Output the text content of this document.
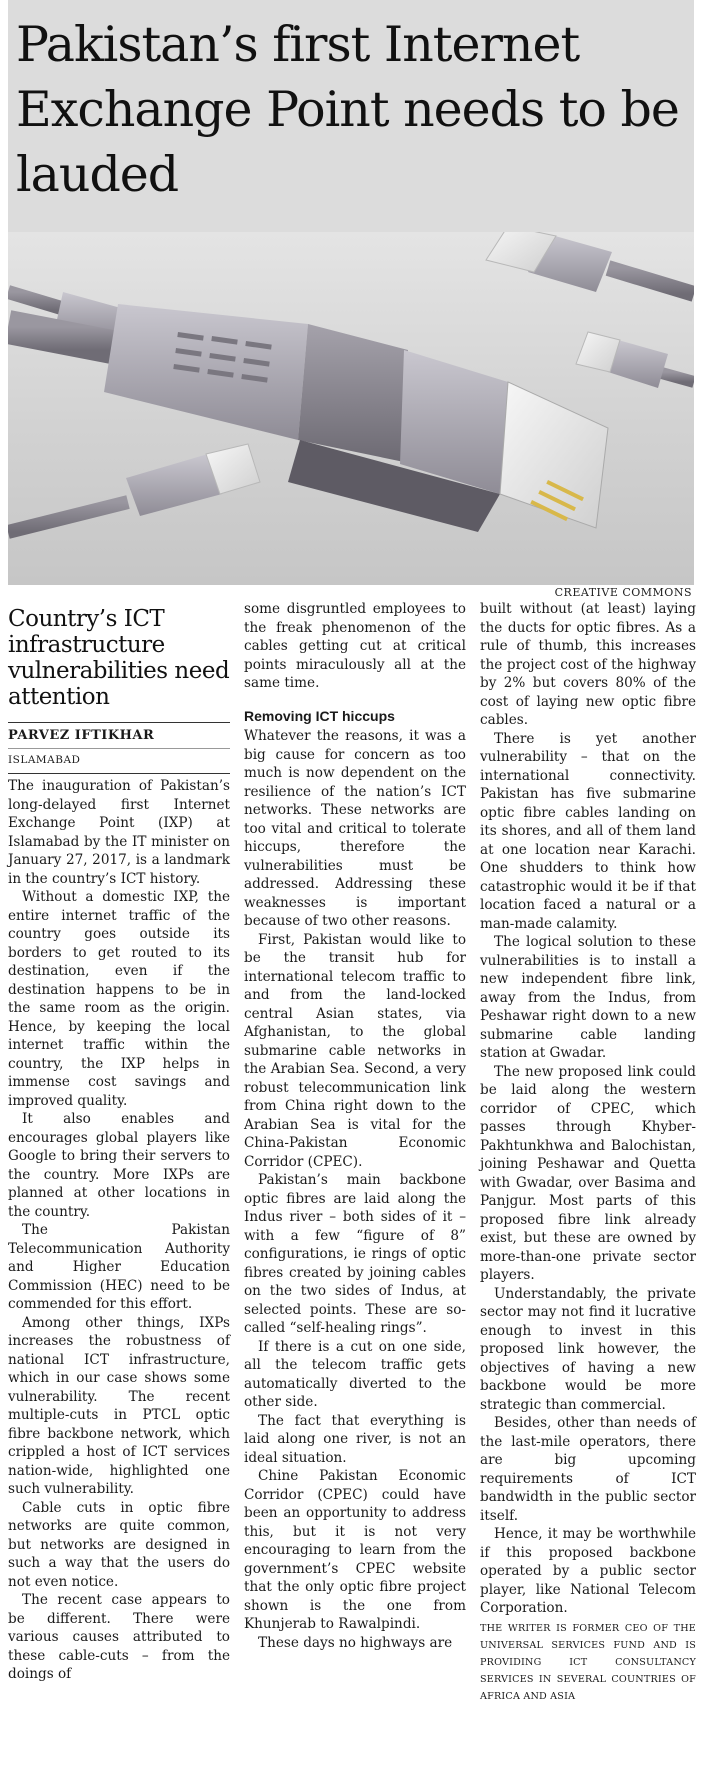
Pakistan’s first Internet Exchange Point needs to be lauded
CREATIVE COMMONS
Country’s ICT infrastructure vulnerabilities need attention
PARVEZ IFTIKHAR
ISLAMABAD

The inauguration of Pakistan’s long-delayed first Internet Exchange Point (IXP) at Islamabad by the IT minister on January 27, 2017, is a landmark in the country’s ICT history.

Without a domestic IXP, the entire internet traffic of the country goes outside its borders to get routed to its destination, even if the destination happens to be in the same room as the origin. Hence, by keeping the local internet traffic within the country, the IXP helps in immense cost savings and improved quality.

It also enables and encourages global players like Google to bring their servers to the country. More IXPs are planned at other locations in the country.

The Pakistan Telecommunication Authority and Higher Education Commission (HEC) need to be commended for this effort.

Among other things, IXPs increases the robustness of national ICT infrastructure, which in our case shows some vulnerability. The recent multiple-cuts in PTCL optic fibre backbone network, which crippled a host of ICT services nation-wide, highlighted one such vulnerability.

Cable cuts in optic fibre networks are quite common, but networks are designed in such a way that the users do not even notice.

The recent case appears to be different. There were various causes attributed to these cable-cuts – from the doings of

some disgruntled employees to the freak phenomenon of the cables getting cut at critical points miraculously all at the same time.

Removing ICT hiccups

Whatever the reasons, it was a big cause for concern as too much is now dependent on the resilience of the nation’s ICT networks. These networks are too vital and critical to tolerate hiccups, therefore the vulnerabilities must be addressed. Addressing these weaknesses is important because of two other reasons.

First, Pakistan would like to be the transit hub for international telecom traffic to and from the land-locked central Asian states, via Afghanistan, to the global submarine cable networks in the Arabian Sea. Second, a very robust telecommunication link from China right down to the Arabian Sea is vital for the China-Pakistan Economic Corridor (CPEC).

Pakistan’s main backbone optic fibres are laid along the Indus river – both sides of it – with a few “figure of 8” configurations, ie rings of optic fibres created by joining cables on the two sides of Indus, at selected points. These are so-called “self-healing rings”.

If there is a cut on one side, all the telecom traffic gets automatically diverted to the other side.

The fact that everything is laid along one river, is not an ideal situation.

Chine Pakistan Economic Corridor (CPEC) could have been an opportunity to address this, but it is not very encouraging to learn from the government’s CPEC website that the only optic fibre project shown is the one from Khunjerab to Rawalpindi.

These days no highways are

built without (at least) laying the ducts for optic fibres. As a rule of thumb, this increases the project cost of the highway by 2% but covers 80% of the cost of laying new optic fibre cables.

There is yet another vulnerability – that on the international connectivity. Pakistan has five submarine optic fibre cables landing on its shores, and all of them land at one location near Karachi. One shudders to think how catastrophic would it be if that location faced a natural or a man-made calamity.

The logical solution to these vulnerabilities is to install a new independent fibre link, away from the Indus, from Peshawar right down to a new submarine cable landing station at Gwadar.

The new proposed link could be laid along the western corridor of CPEC, which passes through Khyber-Pakhtunkhwa and Balochistan, joining Peshawar and Quetta with Gwadar, over Basima and Panjgur. Most parts of this proposed fibre link already exist, but these are owned by more-than-one private sector players.

Understandably, the private sector may not find it lucrative enough to invest in this proposed link however, the objectives of having a new backbone would be more strategic than commercial.

Besides, other than needs of the last-mile operators, there are big upcoming requirements of ICT bandwidth in the public sector itself.

Hence, it may be worthwhile if this proposed backbone operated by a public sector player, like National Telecom Corporation.

THE WRITER IS FORMER CEO OF THE UNIVERSAL SERVICES FUND AND IS PROVIDING ICT CONSULTANCY SERVICES IN SEVERAL COUNTRIES OF AFRICA AND ASIA
